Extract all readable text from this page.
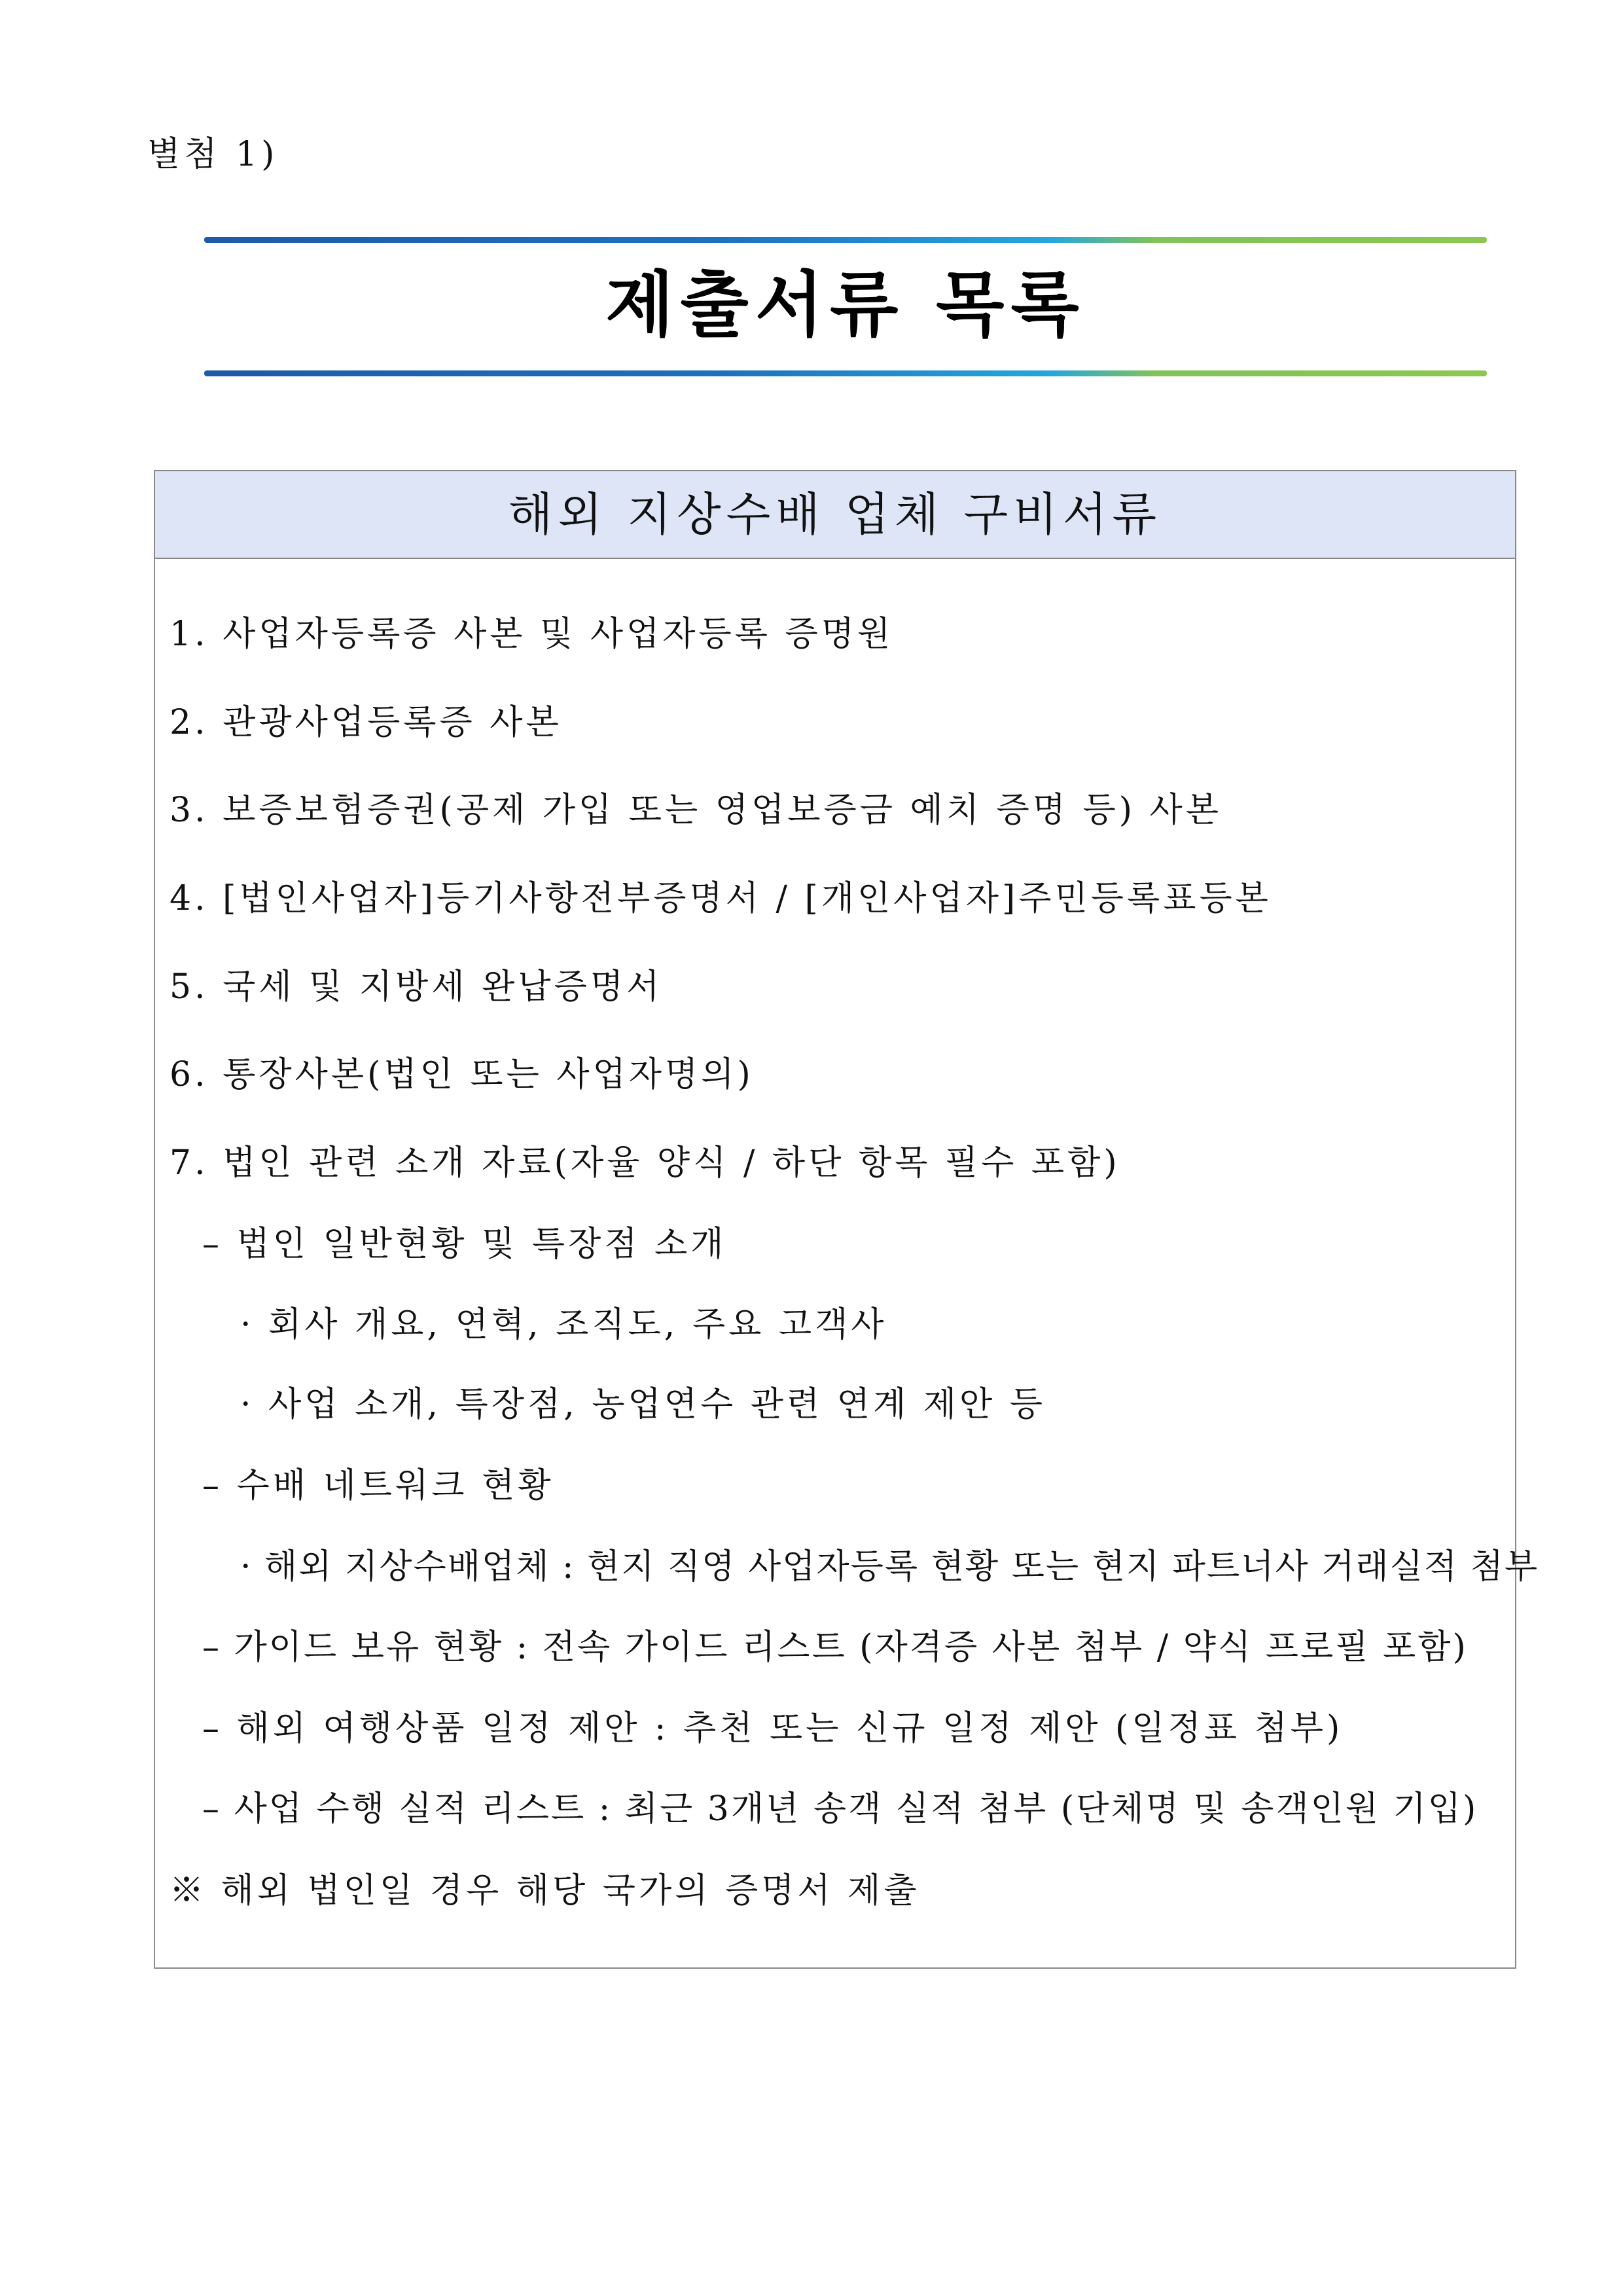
별첨 1)
제출서류 목록
해외 지상수배 업체 구비서류
1. 사업자등록증 사본 및 사업자등록 증명원
2. 관광사업등록증 사본
3. 보증보험증권(공제 가입 또는 영업보증금 예치 증명 등) 사본
4. [법인사업자]등기사항전부증명서 / [개인사업자]주민등록표등본
5. 국세 및 지방세 완납증명서
6. 통장사본(법인 또는 사업자명의)
7. 법인 관련 소개 자료(자율 양식 / 하단 항목 필수 포함)
– 법인 일반현황 및 특장점 소개
· 회사 개요, 연혁, 조직도, 주요 고객사
· 사업 소개, 특장점, 농업연수 관련 연계 제안 등
– 수배 네트워크 현황
· 해외 지상수배업체 : 현지 직영 사업자등록 현황 또는 현지 파트너사 거래실적 첨부
– 가이드 보유 현황 : 전속 가이드 리스트 (자격증 사본 첨부 / 약식 프로필 포함)
– 해외 여행상품 일정 제안 : 추천 또는 신규 일정 제안 (일정표 첨부)
– 사업 수행 실적 리스트 : 최근 3개년 송객 실적 첨부 (단체명 및 송객인원 기입)
※ 해외 법인일 경우 해당 국가의 증명서 제출
